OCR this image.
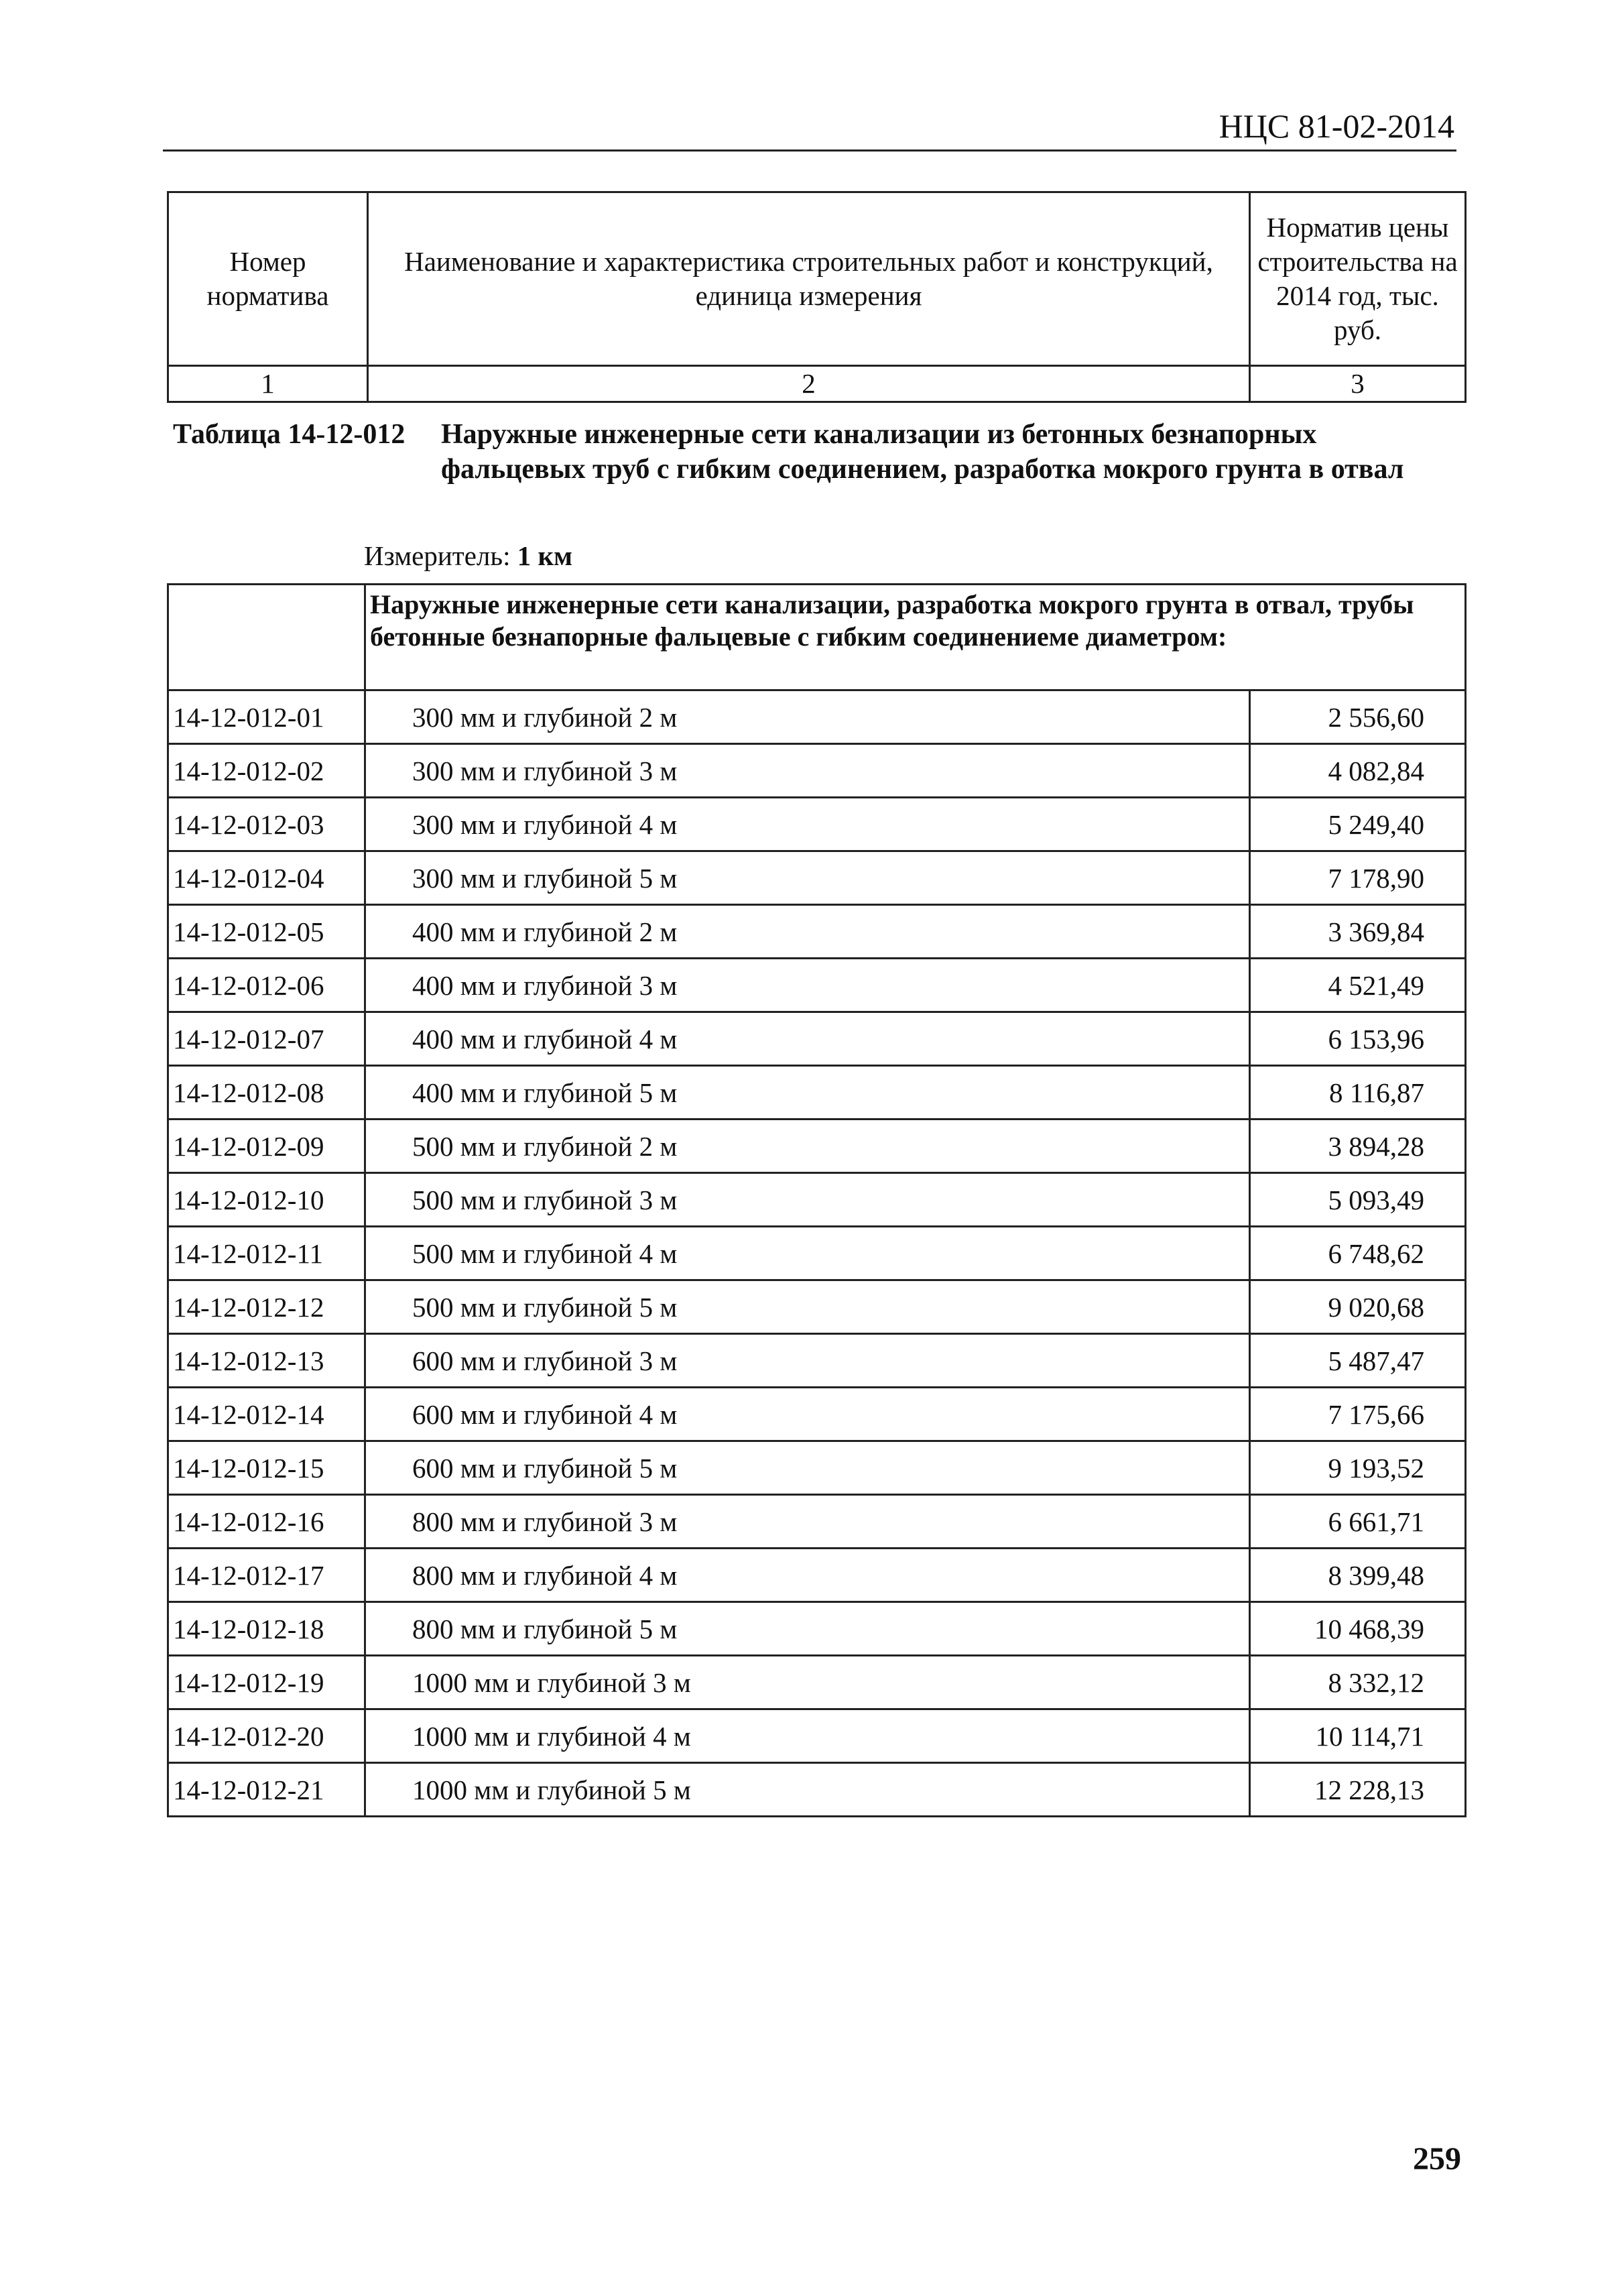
НЦС 81-02-2014
Номер норматива	Наименование и характеристика строительных работ и конструкций, единица измерения	Норматив цены строительства на 2014 год, тыс. руб.
1	2	3
Таблица 14-12-012 Наружные инженерные сети канализации из бетонных безнапорных фальцевых труб с гибким соединением, разработка мокрого грунта в отвал
Измеритель: 1 км
	Наружные инженерные сети канализации, разработка мокрого грунта в отвал, трубы бетонные безнапорные фальцевые с гибким соединениеме диаметром:	
14-12-012-01	300 мм и глубиной 2 м	2 556,60
14-12-012-02	300 мм и глубиной 3 м	4 082,84
14-12-012-03	300 мм и глубиной 4 м	5 249,40
14-12-012-04	300 мм и глубиной 5 м	7 178,90
14-12-012-05	400 мм и глубиной 2 м	3 369,84
14-12-012-06	400 мм и глубиной 3 м	4 521,49
14-12-012-07	400 мм и глубиной 4 м	6 153,96
14-12-012-08	400 мм и глубиной 5 м	8 116,87
14-12-012-09	500 мм и глубиной 2 м	3 894,28
14-12-012-10	500 мм и глубиной 3 м	5 093,49
14-12-012-11	500 мм и глубиной 4 м	6 748,62
14-12-012-12	500 мм и глубиной 5 м	9 020,68
14-12-012-13	600 мм и глубиной 3 м	5 487,47
14-12-012-14	600 мм и глубиной 4 м	7 175,66
14-12-012-15	600 мм и глубиной 5 м	9 193,52
14-12-012-16	800 мм и глубиной 3 м	6 661,71
14-12-012-17	800 мм и глубиной 4 м	8 399,48
14-12-012-18	800 мм и глубиной 5 м	10 468,39
14-12-012-19	1000 мм и глубиной 3 м	8 332,12
14-12-012-20	1000 мм и глубиной 4 м	10 114,71
14-12-012-21	1000 мм и глубиной 5 м	12 228,13
259
